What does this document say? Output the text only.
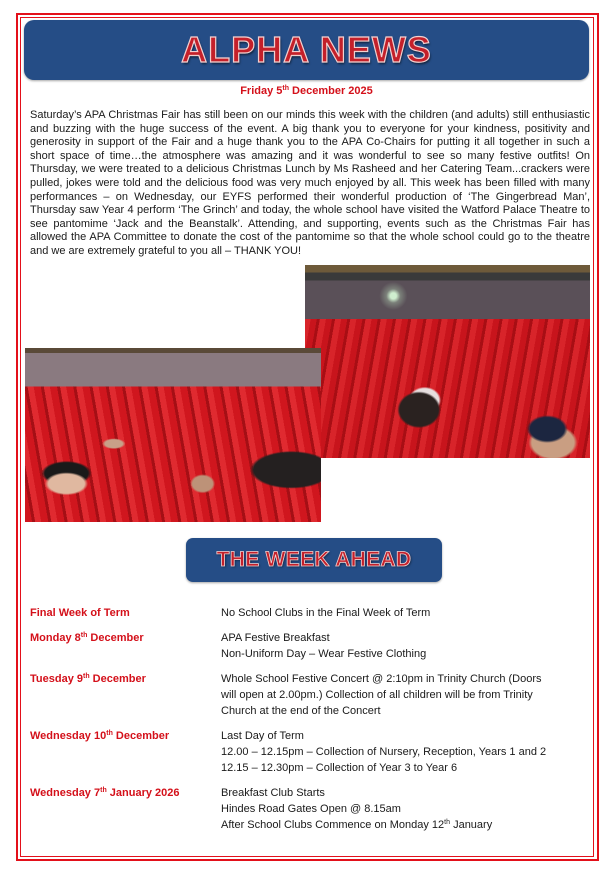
ALPHA NEWS
Friday 5th December 2025
Saturday’s APA Christmas Fair has still been on our minds this week with the children (and adults) still enthusiastic and buzzing with the huge success of the event. A big thank you to everyone for your kindness, positivity and generosity in support of the Fair and a huge thank you to the APA Co-Chairs for putting it all together in such a short space of time…the atmosphere was amazing and it was wonderful to see so many festive outfits! On Thursday, we were treated to a delicious Christmas Lunch by Ms Rasheed and her Catering Team...crackers were pulled, jokes were told and the delicious food was very much enjoyed by all. This week has been filled with many performances – on Wednesday, our EYFS performed their wonderful production of ‘The Gingerbread Man’, Thursday saw Year 4 perform ‘The Grinch’ and today, the whole school have visited the Watford Palace Theatre to see pantomime ‘Jack and the Beanstalk’. Attending, and supporting, events such as the Christmas Fair has allowed the APA Committee to donate the cost of the pantomime so that the whole school could go to the theatre and we are extremely grateful to you all – THANK YOU!
THE WEEK AHEAD
Final Week of Term	No School Clubs in the Final Week of Term
Monday 8th December	APA Festive Breakfast
Non-Uniform Day – Wear Festive Clothing
Tuesday 9th December	Whole School Festive Concert @ 2:10pm in Trinity Church (Doors will open at 2.00pm.) Collection of all children will be from Trinity Church at the end of the Concert
Wednesday 10th December	Last Day of Term
12.00 – 12.15pm – Collection of Nursery, Reception, Years 1 and 2
12.15 – 12.30pm – Collection of Year 3 to Year 6
Wednesday 7th January 2026	Breakfast Club Starts
Hindes Road Gates Open @ 8.15am
After School Clubs Commence on Monday 12th January
